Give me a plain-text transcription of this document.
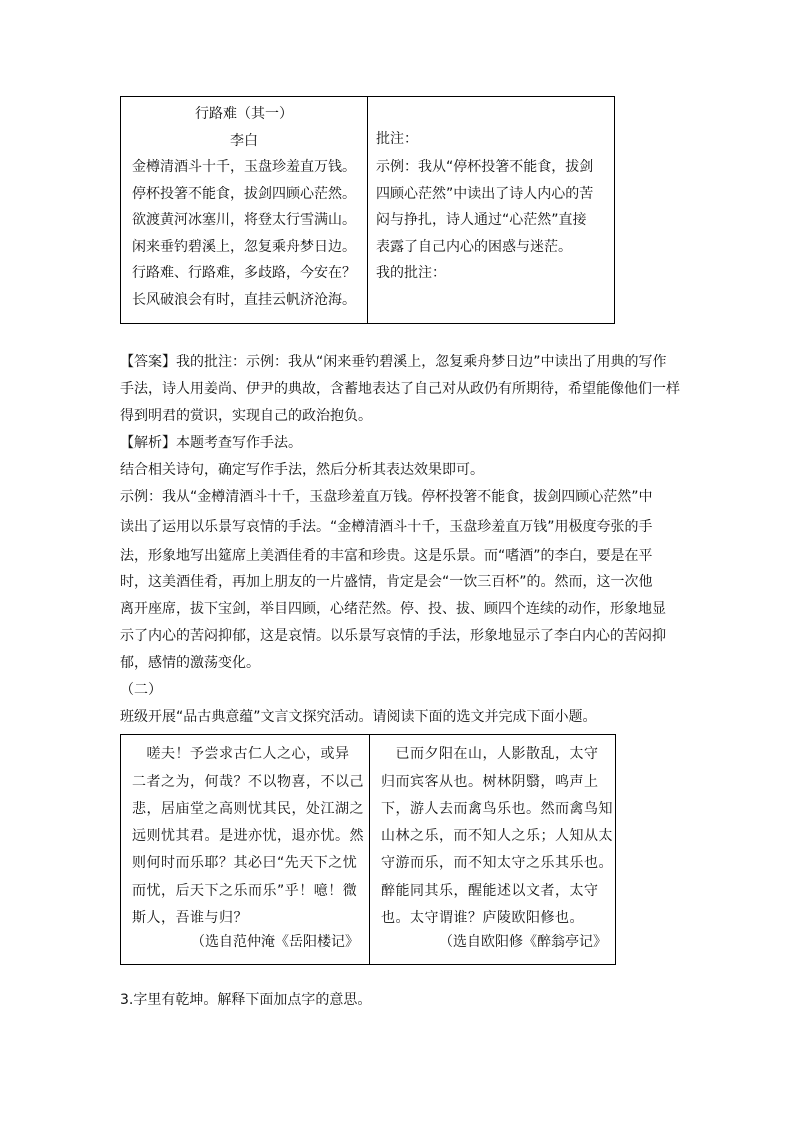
行路难（其一）
李白
金樽清酒斗十千，玉盘珍羞直万钱。
停杯投箸不能食，拔剑四顾心茫然。
欲渡黄河冰塞川，将登太行雪满山。
闲来垂钓碧溪上，忽复乘舟梦日边。
行路难、行路难，多歧路，今安在？
长风破浪会有时，直挂云帆济沧海。
批注：
示例：我从“停杯投箸不能食，拔剑
四顾心茫然”中读出了诗人内心的苦
闷与挣扎，诗人通过“心茫然”直接
表露了自己内心的困惑与迷茫。
我的批注：
【答案】我的批注：示例：我从“闲来垂钓碧溪上，忽复乘舟梦日边”中读出了用典的写作
手法，诗人用姜尚、伊尹的典故，含蓄地表达了自己对从政仍有所期待，希望能像他们一样
得到明君的赏识，实现自己的政治抱负。
【解析】本题考查写作手法。
结合相关诗句，确定写作手法，然后分析其表达效果即可。
示例：我从“金樽清酒斗十千，玉盘珍羞直万钱。停杯投箸不能食，拔剑四顾心茫然”中
读出了运用以乐景写哀情的手法。“金樽清酒斗十千，玉盘珍羞直万钱”用极度夸张的手
法，形象地写出筵席上美酒佳肴的丰富和珍贵。这是乐景。而“嗜酒”的李白，要是在平
时，这美酒佳肴，再加上朋友的一片盛情，肯定是会“一饮三百杯”的。然而，这一次他
离开座席，拔下宝剑，举目四顾，心绪茫然。停、投、拔、顾四个连续的动作，形象地显
示了内心的苦闷抑郁，这是哀情。以乐景写哀情的手法，形象地显示了李白内心的苦闷抑
郁，感情的激荡变化。
（二）
班级开展“品古典意蕴”文言文探究活动。请阅读下面的选文并完成下面小题。
　嗟夫！予尝求古仁人之心，或异
二者之为，何哉？不以物喜，不以己
悲，居庙堂之高则忧其民，处江湖之
远则忧其君。是进亦忧，退亦忧。然
则何时而乐耶？其必曰“先天下之忧
而忧，后天下之乐而乐”乎！噫！微
斯人，吾谁与归？
（选自范仲淹《岳阳楼记》
　已而夕阳在山，人影散乱，太守
归而宾客从也。树林阴翳，鸣声上
下，游人去而禽鸟乐也。然而禽鸟知
山林之乐，而不知人之乐；人知从太
守游而乐，而不知太守之乐其乐也。
醉能同其乐，醒能述以文者，太守
也。太守谓谁？庐陵欧阳修也。
（选自欧阳修《醉翁亭记》
3.字里有乾坤。解释下面加点字的意思。
